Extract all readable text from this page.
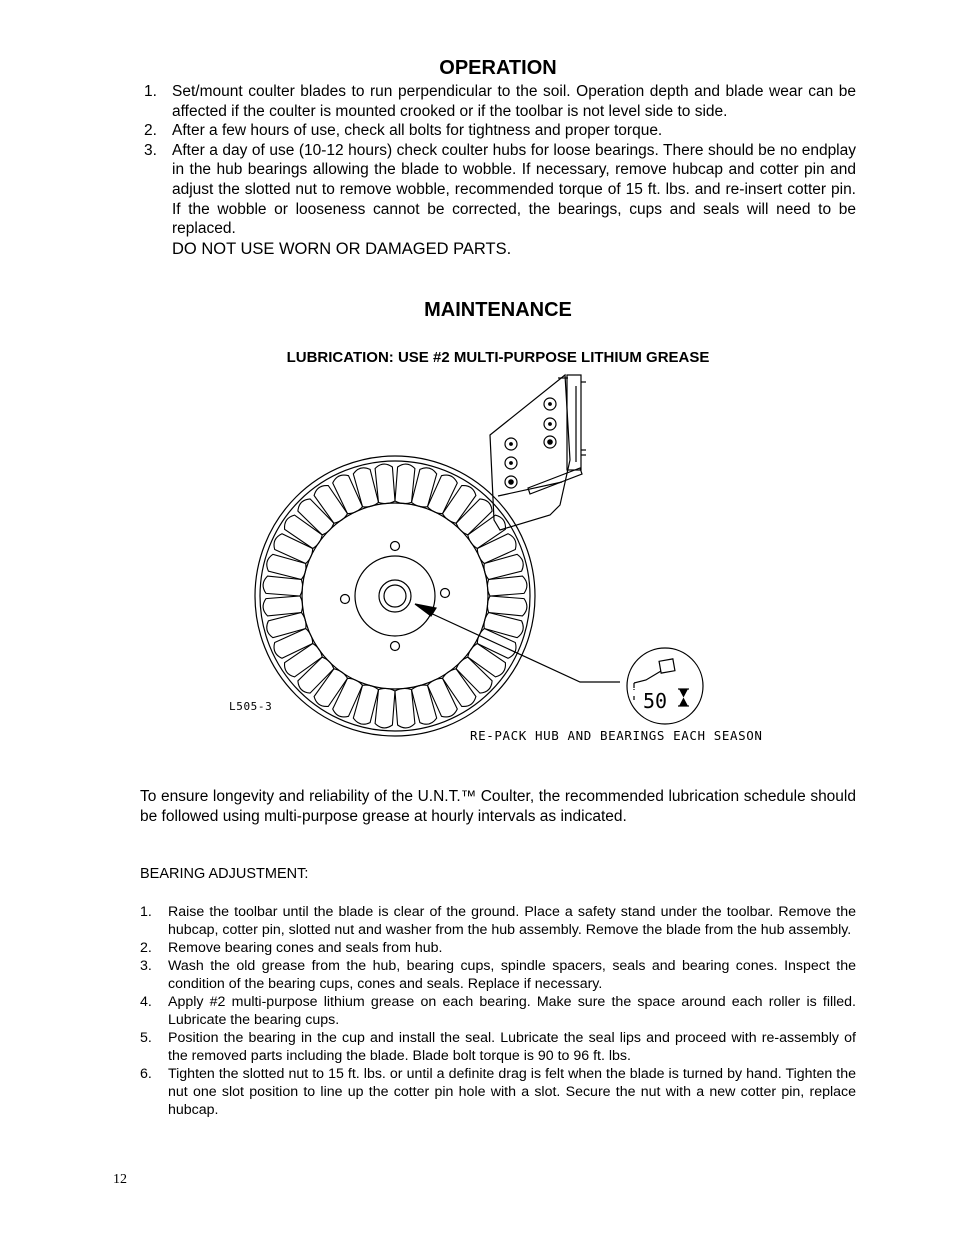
OPERATION
1. Set/mount coulter blades to run perpendicular to the soil. Operation depth and blade wear can be affected if the coulter is mounted crooked or if the toolbar is not level side to side.
2. After a few hours of use, check all bolts for tightness and proper torque.
3. After a day of use (10-12 hours) check coulter hubs for loose bearings. There should be no endplay in the hub bearings allowing the blade to wobble. If necessary, remove hubcap and cotter pin and adjust the slotted nut to remove wobble, recommended torque of 15 ft. lbs. and re-insert cotter pin. If the wobble or looseness cannot be corrected, the bearings, cups and seals will need to be replaced.
DO NOT USE WORN OR DAMAGED PARTS.
MAINTENANCE
LUBRICATION: USE #2 MULTI-PURPOSE LITHIUM GREASE
50
L505-3
RE-PACK HUB AND BEARINGS EACH SEASON
To ensure longevity and reliability of the U.N.T.™ Coulter, the recommended lubrication schedule should be followed using multi-purpose grease at hourly intervals as indicated.
BEARING ADJUSTMENT:
1. Raise the toolbar until the blade is clear of the ground. Place a safety stand under the toolbar. Remove the hubcap, cotter pin, slotted nut and washer from the hub assembly. Remove the blade from the hub assembly.
2. Remove bearing cones and seals from hub.
3. Wash the old grease from the hub, bearing cups, spindle spacers, seals and bearing cones. Inspect the condition of the bearing cups, cones and seals. Replace if necessary.
4. Apply #2 multi-purpose lithium grease on each bearing. Make sure the space around each roller is filled. Lubricate the bearing cups.
5. Position the bearing in the cup and install the seal. Lubricate the seal lips and proceed with re-assembly of the removed parts including the blade. Blade bolt torque is 90 to 96 ft. lbs.
6. Tighten the slotted nut to 15 ft. lbs. or until a definite drag is felt when the blade is turned by hand. Tighten the nut one slot position to line up the cotter pin hole with a slot. Secure the nut with a new cotter pin, replace hubcap.
12
